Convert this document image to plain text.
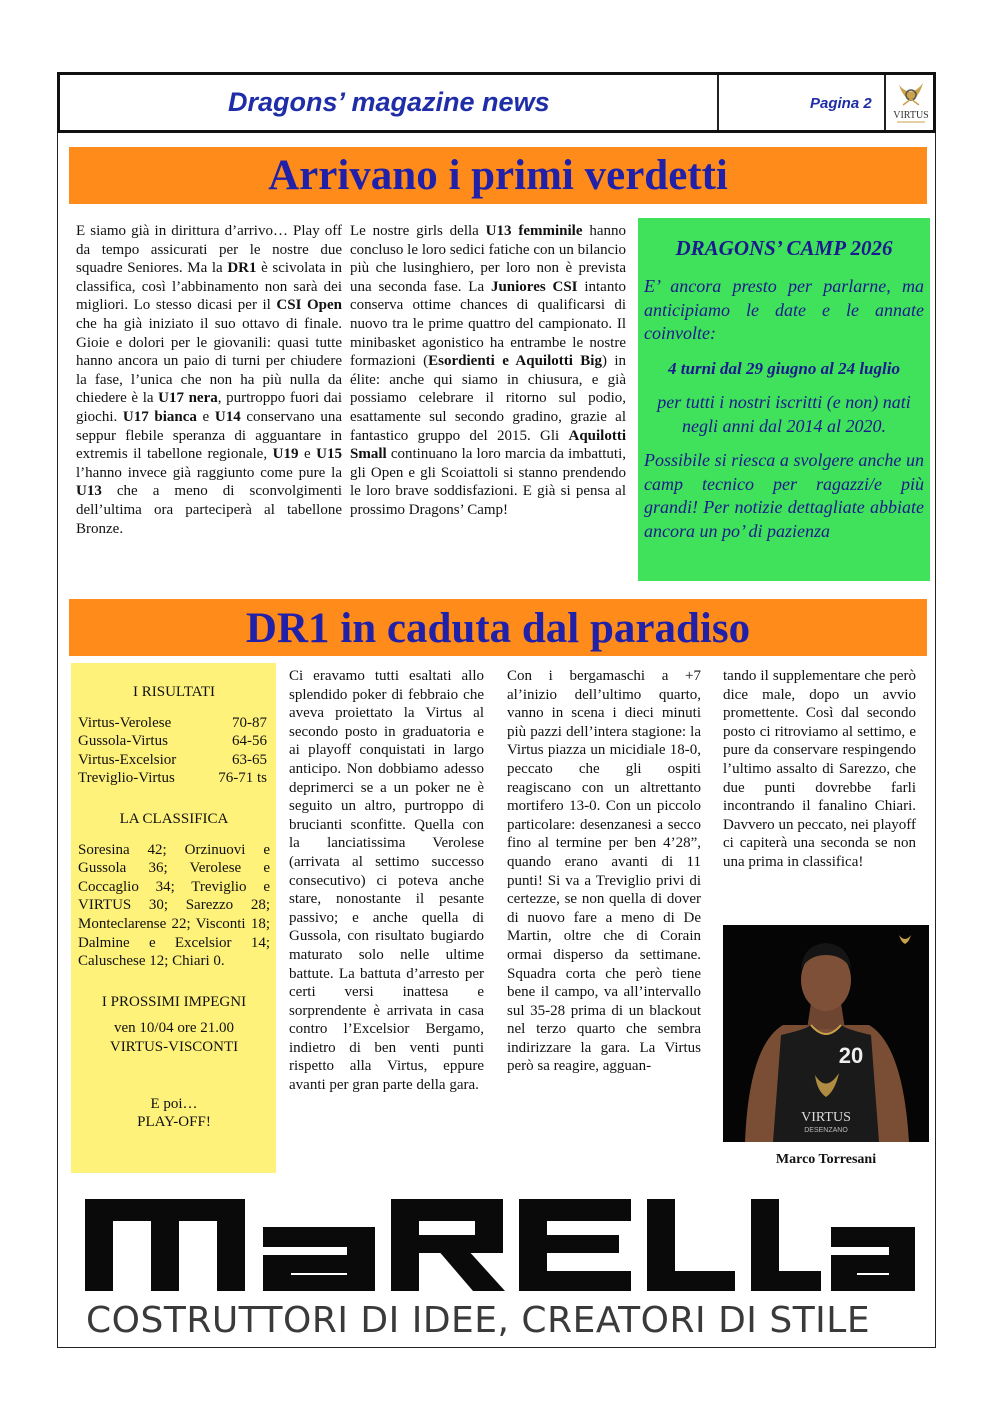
Dragons’ magazine news	Pagina 2
VIRTUS
Arrivano i primi verdetti

E siamo già in dirittura d’arrivo… Play off da tempo assicurati per le nostre due squadre Seniores. Ma la DR1 è scivolata in classifica, così l’abbinamento non sarà dei migliori. Lo stesso dicasi per il CSI Open che ha già iniziato il suo ottavo di finale. Gioie e dolori per le giovanili: quasi tutte hanno ancora un paio di turni per chiudere la fase, l’unica che non ha più nulla da chiedere è la U17 nera, purtroppo fuori dai giochi. U17 bianca e U14 conservano una seppur flebile speranza di agguantare in extremis il tabellone regionale, U19 e U15 l’hanno invece già raggiunto come pure la U13 che a meno di sconvolgimenti dell’ultima ora parteciperà al tabellone Bronze.

Le nostre girls della U13 femminile hanno concluso le loro sedici fatiche con un bilancio più che lusinghiero, per loro non è prevista una seconda fase. La Juniores CSI intanto conserva ottime chances di qualificarsi di nuovo tra le prime quattro del campionato. Il minibasket agonistico ha entrambe le nostre formazioni (Esordienti e Aquilotti Big) in élite: anche qui siamo in chiusura, e già possiamo celebrare il ritorno sul podio, esattamente sul secondo gradino, grazie al fantastico gruppo del 2015. Gli Aquilotti Small continuano la loro marcia da imbattuti, gli Open e gli Scoiattoli si stanno prendendo le loro brave soddisfazioni. E già si pensa al prossimo Dragons’ Camp!

DRAGONS’ CAMP 2026
E’ ancora presto per parlarne, ma anticipiamo le date e le annate coinvolte:
4 turni dal 29 giugno al 24 luglio
per tutti i nostri iscritti (e non) nati negli anni dal 2014 al 2020.
Possibile si riesca a svolgere anche un camp tecnico per ragazzi/e più grandi! Per notizie dettagliate abbiate ancora un po’ di pazienza
DR1 in caduta dal paradiso
I RISULTATI
Virtus-Verolese	70-87
Gussola-Virtus	64-56
Virtus-Excelsior	63-65
Treviglio-Virtus	76-71 ts
LA CLASSIFICA
Soresina 42; Orzinuovi e Gussola 36; Verolese e Coccaglio 34; Treviglio e VIRTUS 30; Sarezzo 28; Monteclarense 22; Visconti 18; Dalmine e Excelsior 14; Caluschese 12; Chiari 0.
I PROSSIMI IMPEGNI
ven 10/04 ore 21.00
VIRTUS-VISCONTI
E poi…
PLAY-OFF!

Ci eravamo tutti esaltati allo splendido poker di febbraio che aveva proiettato la Virtus al secondo posto in graduatoria e ai playoff conquistati in largo anticipo. Non dobbiamo adesso deprimerci se a un poker ne è seguito un altro, purtroppo di brucianti sconfitte. Quella con la lanciatissima Verolese (arrivata al settimo successo consecutivo) ci poteva anche stare, nonostante il pesante passivo; e anche quella di Gussola, con risultato bugiardo maturato solo nelle ultime battute. La battuta d’arresto per certi versi inattesa e sorprendente è arrivata in casa contro l’Excelsior Bergamo, indietro di ben venti punti rispetto alla Virtus, eppure avanti per gran parte della gara.

Con i bergamaschi a +7 al’inizio dell’ultimo quarto, vanno in scena i dieci minuti più pazzi dell’intera stagione: la Virtus piazza un micidiale 18-0, peccato che gli ospiti reagiscano con un altrettanto mortifero 13-0. Con un piccolo particolare: desenzanesi a secco fino al termine per ben 4’28”, quando erano avanti di 11 punti! Si va a Treviglio privi di certezze, se non quella di dover di nuovo fare a meno di De Martin, oltre che di Corain ormai disperso da settimane. Squadra corta che però tiene bene il campo, va all’intervallo sul 35-28 prima di un blackout nel terzo quarto che sembra indirizzare la gara. La Virtus però sa reagire, agguan-

tando il supplementare che però dice male, dopo un avvio promettente. Così dal secondo posto ci ritroviamo al settimo, e pure da conservare respingendo l’ultimo assalto di Sarezzo, che due punti dovrebbe farli incontrando il fanalino Chiari. Davvero un peccato, nei playoff ci capiterà una seconda se non una prima in classifica!

20
VIRTUS
DESENZANO
Marco Torresani
COSTRUTTORI DI IDEE, CREATORI DI STILE
